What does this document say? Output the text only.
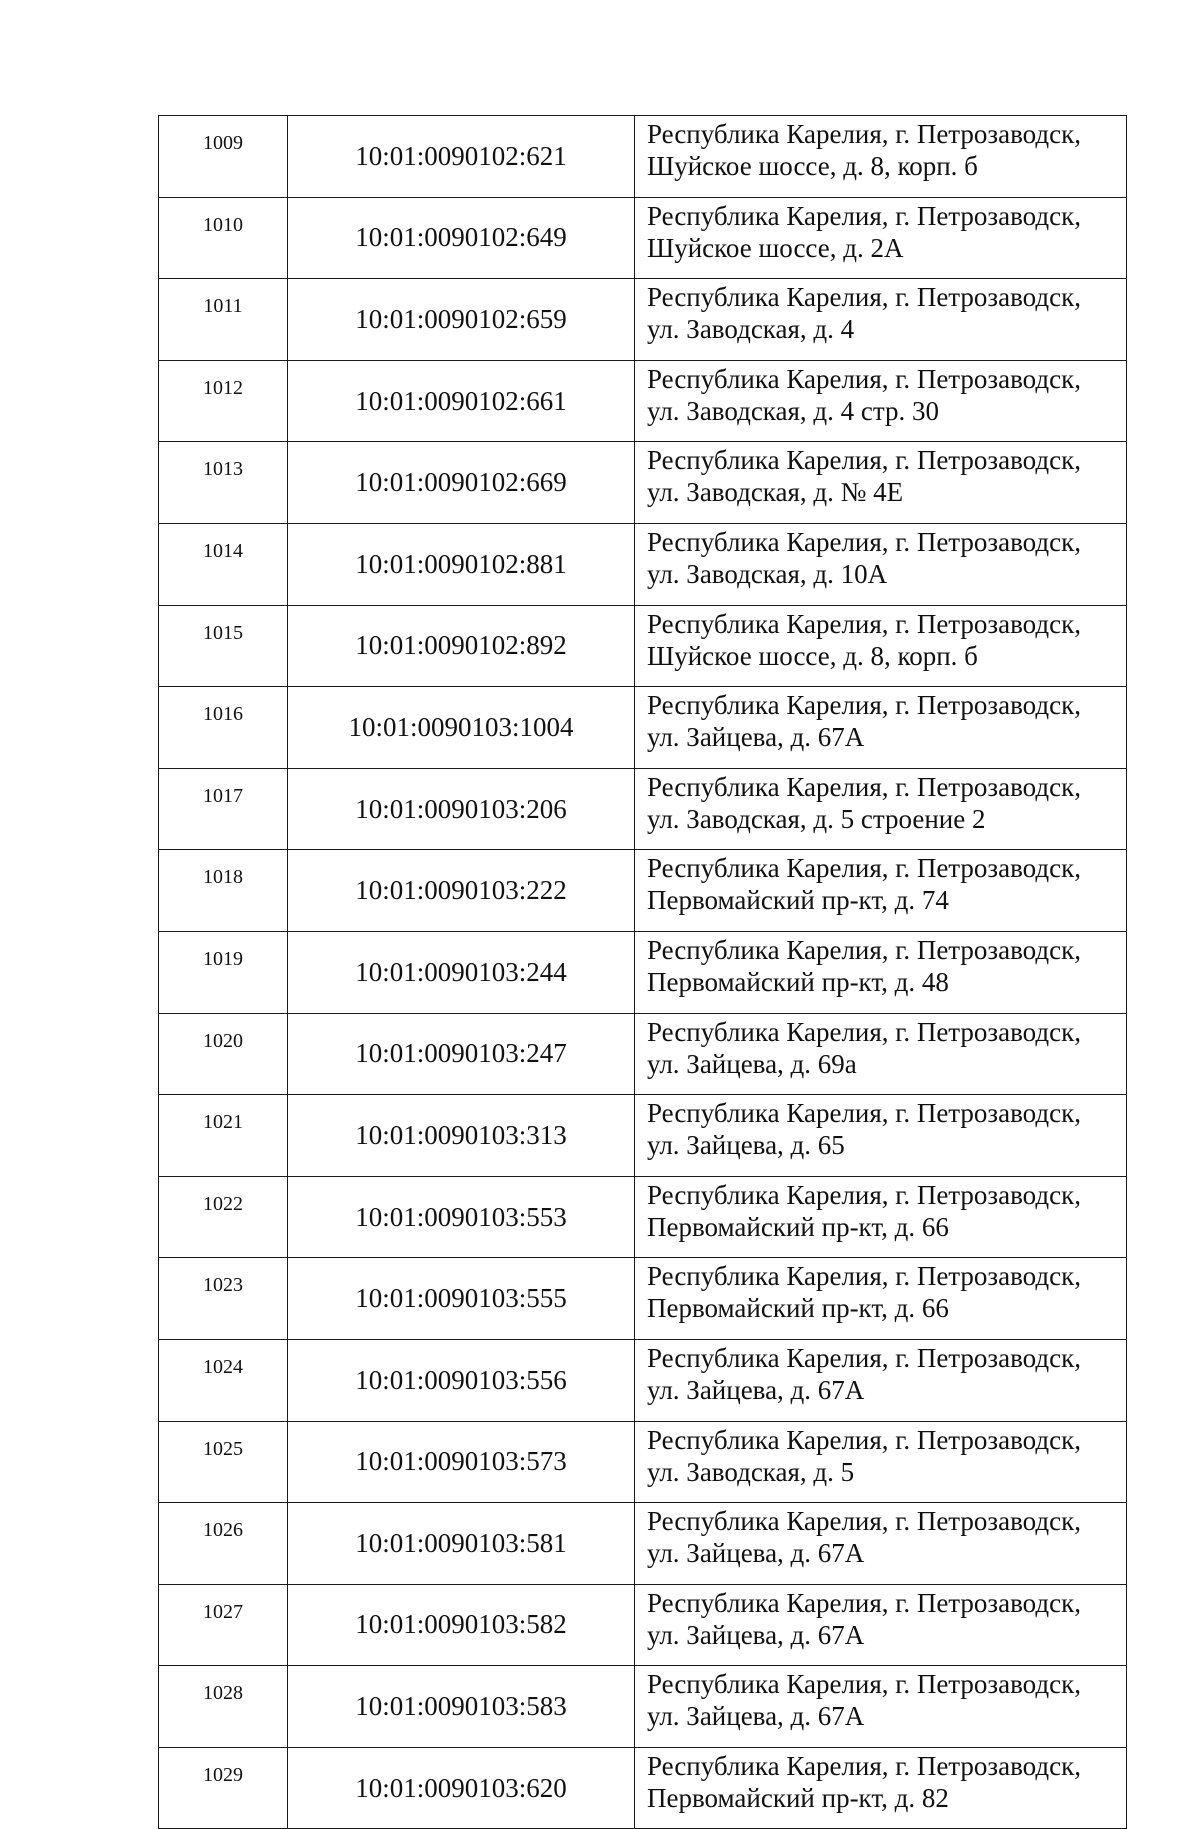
1009	10:01:0090102:621	Республика Карелия, г. Петрозаводск,
Шуйское шоссе, д. 8, корп. б

1010	10:01:0090102:649	Республика Карелия, г. Петрозаводск,
Шуйское шоссе, д. 2А

1011	10:01:0090102:659	Республика Карелия, г. Петрозаводск,
ул. Заводская, д. 4

1012	10:01:0090102:661	Республика Карелия, г. Петрозаводск,
ул. Заводская, д. 4 стр. 30

1013	10:01:0090102:669	Республика Карелия, г. Петрозаводск,
ул. Заводская, д. № 4Е

1014	10:01:0090102:881	Республика Карелия, г. Петрозаводск,
ул. Заводская, д. 10А

1015	10:01:0090102:892	Республика Карелия, г. Петрозаводск,
Шуйское шоссе, д. 8, корп. б

1016	10:01:0090103:1004	Республика Карелия, г. Петрозаводск,
ул. Зайцева, д. 67А

1017	10:01:0090103:206	Республика Карелия, г. Петрозаводск,
ул. Заводская, д. 5 строение 2

1018	10:01:0090103:222	Республика Карелия, г. Петрозаводск,
Первомайский пр-кт, д. 74

1019	10:01:0090103:244	Республика Карелия, г. Петрозаводск,
Первомайский пр-кт, д. 48

1020	10:01:0090103:247	Республика Карелия, г. Петрозаводск,
ул. Зайцева, д. 69а

1021	10:01:0090103:313	Республика Карелия, г. Петрозаводск,
ул. Зайцева, д. 65

1022	10:01:0090103:553	Республика Карелия, г. Петрозаводск,
Первомайский пр-кт, д. 66

1023	10:01:0090103:555	Республика Карелия, г. Петрозаводск,
Первомайский пр-кт, д. 66

1024	10:01:0090103:556	Республика Карелия, г. Петрозаводск,
ул. Зайцева, д. 67А

1025	10:01:0090103:573	Республика Карелия, г. Петрозаводск,
ул. Заводская, д. 5

1026	10:01:0090103:581	Республика Карелия, г. Петрозаводск,
ул. Зайцева, д. 67А

1027	10:01:0090103:582	Республика Карелия, г. Петрозаводск,
ул. Зайцева, д. 67А

1028	10:01:0090103:583	Республика Карелия, г. Петрозаводск,
ул. Зайцева, д. 67А

1029	10:01:0090103:620	Республика Карелия, г. Петрозаводск,
Первомайский пр-кт, д. 82
